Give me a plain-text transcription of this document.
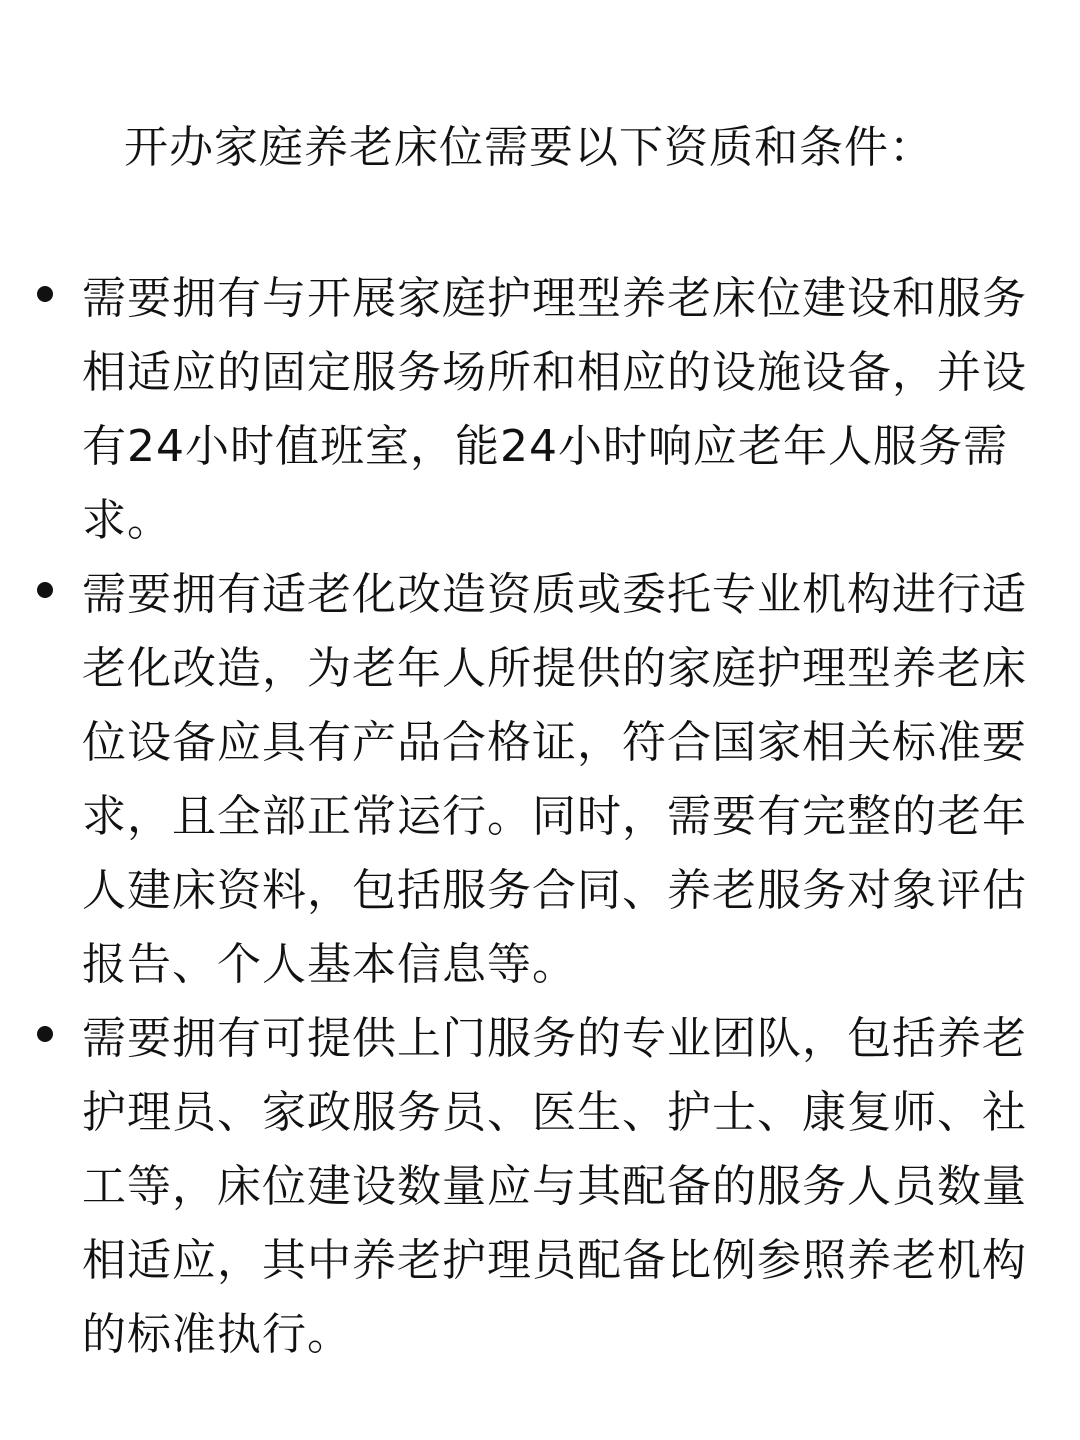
开办家庭养老床位需要以下资质和条件：
需要拥有与开展家庭护理型养老床位建设和服务相适应的固定服务场所和相应的设施设备，并设有24小时值班室，能24小时响应老年人服务需求。
需要拥有适老化改造资质或委托专业机构进行适老化改造，为老年人所提供的家庭护理型养老床位设备应具有产品合格证，符合国家相关标准要求，且全部正常运行。同时，需要有完整的老年人建床资料，包括服务合同、养老服务对象评估报告、个人基本信息等。
需要拥有可提供上门服务的专业团队，包括养老护理员、家政服务员、医生、护士、康复师、社工等，床位建设数量应与其配备的服务人员数量相适应，其中养老护理员配备比例参照养老机构的标准执行。
